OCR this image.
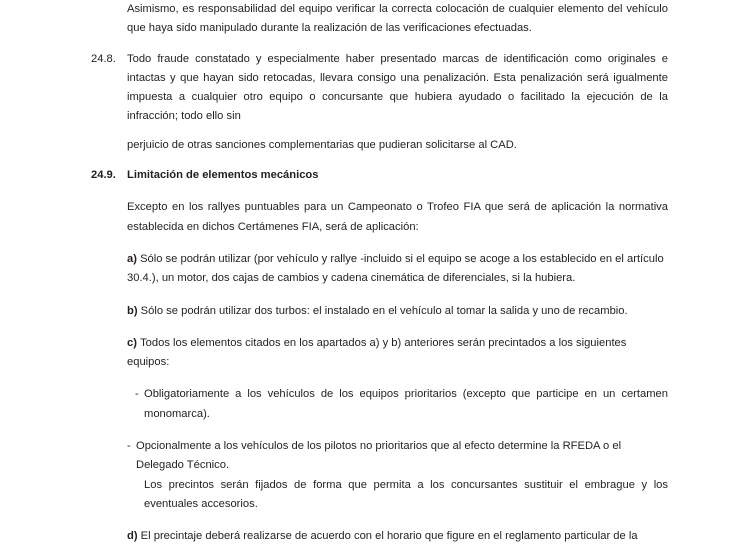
Asimismo, es responsabilidad del equipo verificar la correcta colocación de cualquier elemento del vehículo que haya sido manipulado durante la realización de las verificaciones efectuadas.

24.8. Todo fraude constatado y especialmente haber presentado marcas de identificación como originales e intactas y que hayan sido retocadas, llevara consigo una penalización. Esta penalización será igualmente impuesta a cualquier otro equipo o concursante que hubiera ayudado o facilitado la ejecución de la infracción; todo ello sin

perjuicio de otras sanciones complementarias que pudieran solicitarse al CAD.

24.9. Limitación de elementos mecánicos

Excepto en los rallyes puntuables para un Campeonato o Trofeo FIA que será de aplicación la normativa establecida en dichos Certámenes FIA, será de aplicación:

a) Sólo se podrán utilizar (por vehículo y rallye -incluido si el equipo se acoge a los establecido en el artículo 30.4.), un motor, dos cajas de cambios y cadena cinemática de diferenciales, si la hubiera.

b) Sólo se podrán utilizar dos turbos: el instalado en el vehículo al tomar la salida y uno de recambio.

c) Todos los elementos citados en los apartados a) y b) anteriores serán precintados a los siguientes equipos:

- Obligatoriamente a los vehículos de los equipos prioritarios (excepto que participe en un certamen monomarca).

- Opcionalmente a los vehículos de los pilotos no prioritarios que al efecto determine la RFEDA o el Delegado Técnico.

Los precintos serán fijados de forma que permita a los concursantes sustituir el embrague y los eventuales accesorios.

d) El precintaje deberá realizarse de acuerdo con el horario que figure en el reglamento particular de la
